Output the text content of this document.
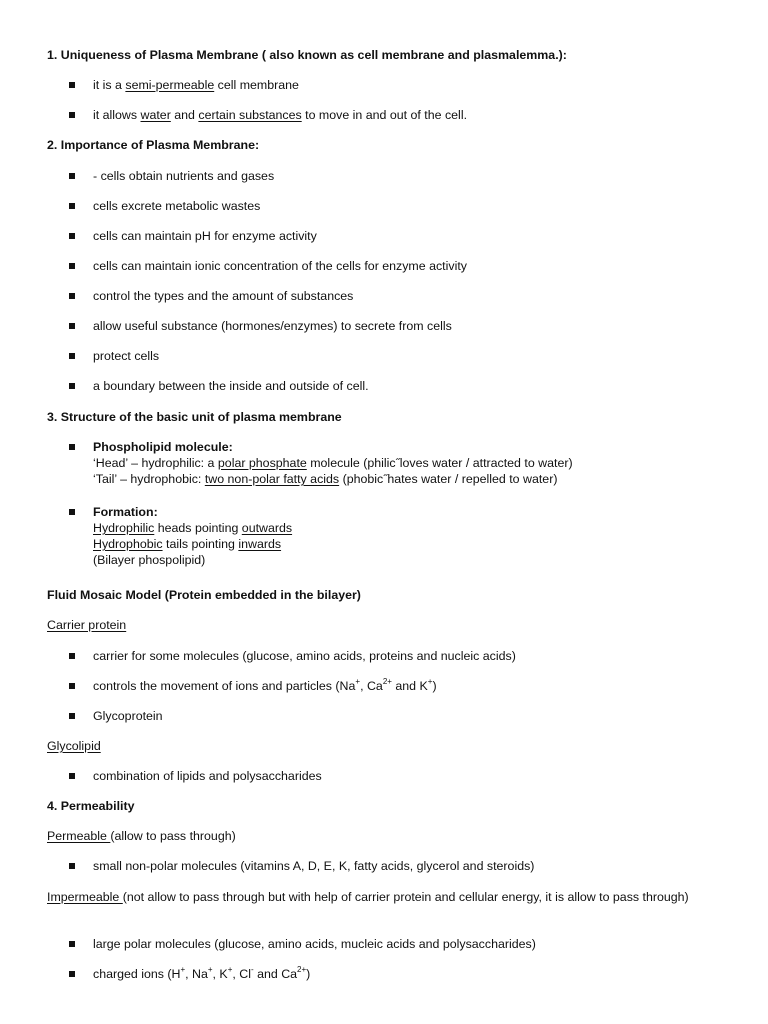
1. Uniqueness of Plasma Membrane ( also known as cell membrane and plasmalemma.):
it is a semi-permeable cell membrane
it allows water and certain substances to move in and out of the cell.
2. Importance of Plasma Membrane:
- cells obtain nutrients and gases
cells excrete metabolic wastes
cells can maintain pH for enzyme activity
cells can maintain ionic concentration of the cells for enzyme activity
control the types and the amount of substances
allow useful substance (hormones/enzymes) to secrete from cells
protect cells
a boundary between the inside and outside of cell.
3. Structure of the basic unit of plasma membrane
Phospholipid molecule:
‘Head’ – hydrophilic: a polar phosphate molecule (philic˝loves water / attracted to water)
‘Tail’ – hydrophobic: two non-polar fatty acids (phobic˝hates water / repelled to water)
Formation:
Hydrophilic heads pointing outwards
Hydrophobic tails pointing inwards
(Bilayer phospolipid)
Fluid Mosaic Model (Protein embedded in the bilayer)
Carrier protein
carrier for some molecules (glucose, amino acids, proteins and nucleic acids)
controls the movement of ions and particles (Na+, $Ca^{2+}$ and K+)
Glycoprotein
Glycolipid
combination of lipids and polysaccharides
4. Permeability
Permeable (allow to pass through)
small non-polar molecules (vitamins A, D, E, K, fatty acids, glycerol and steroids)
Impermeable (not allow to pass through but with help of carrier protein and cellular energy, it is allow to pass through)
large polar molecules (glucose, amino acids, mucleic acids and polysaccharides)
charged ions (H+, Na+, K+, Cl- and $Ca^{2+}$)
